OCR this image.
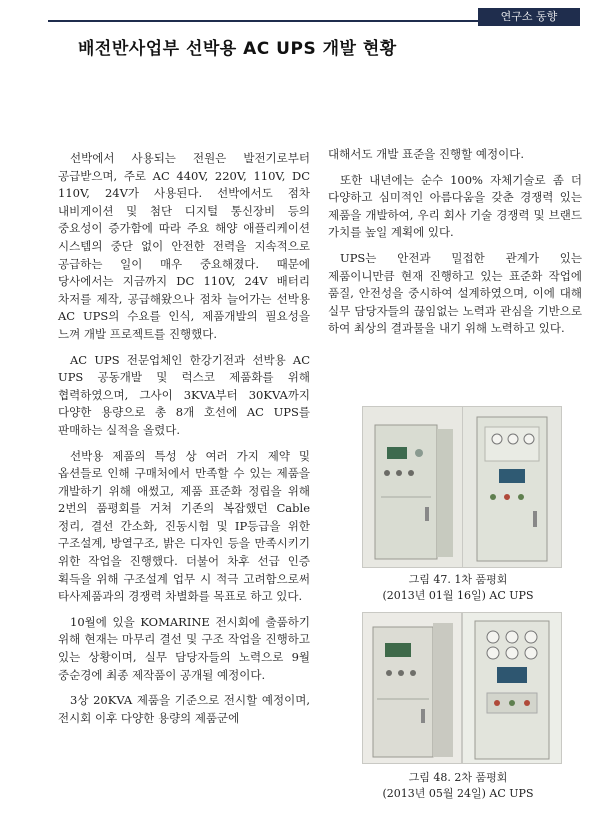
연구소 동향
배전반사업부 선박용 AC UPS 개발 현황

선박에서 사용되는 전원은 발전기로부터 공급받으며, 주로 AC 440V, 220V, 110V, DC 110V, 24V가 사용된다. 선박에서도 점차 내비게이션 및 첨단 디지털 통신장비 등의 중요성이 증가함에 따라 주요 해양 애플리케이션 시스템의 중단 없이 안전한 전력을 지속적으로 공급하는 일이 매우 중요해졌다. 때문에 당사에서는 지금까지 DC 110V, 24V 배터리 차저를 제작, 공급해왔으나 점차 늘어가는 선박용 AC UPS의 수요를 인식, 제품개발의 필요성을 느껴 개발 프로젝트를 진행했다.

AC UPS 전문업체인 한강기전과 선박용 AC UPS 공동개발 및 럭스코 제품화를 위해 협력하였으며, 그사이 3KVA부터 30KVA까지 다양한 용량으로 총 8개 호선에 AC UPS를 판매하는 실적을 올렸다.

선박용 제품의 특성 상 여러 가지 제약 및 옵션들로 인해 구매처에서 만족할 수 있는 제품을 개발하기 위해 애썼고, 제품 표준화 정립을 위해 2번의 품평회를 거쳐 기존의 복잡했던 Cable 정리, 결선 간소화, 진동시험 및 IP등급을 위한 구조설계, 방열구조, 밝은 디자인 등을 만족시키기 위한 작업을 진행했다. 더불어 차후 선급 인증 획득을 위해 구조설계 업무 시 적극 고려함으로써 타사제품과의 경쟁력 차별화를 목표로 하고 있다.

10월에 있을 KOMARINE 전시회에 출품하기 위해 현재는 마무리 결선 및 구조 작업을 진행하고 있는 상황이며, 실무 담당자들의 노력으로 9월 중순경에 최종 제작품이 공개될 예정이다.

3상 20KVA 제품을 기준으로 전시할 예정이며, 전시회 이후 다양한 용량의 제품군에

대해서도 개발 표준을 진행할 예정이다.

또한 내년에는 순수 100% 자체기술로 좀 더 다양하고 심미적인 아름다움을 갖춘 경쟁력 있는 제품을 개발하여, 우리 회사 기술 경쟁력 및 브랜드 가치를 높일 계획에 있다.

UPS는 안전과 밀접한 관계가 있는 제품이니만큼 현재 진행하고 있는 표준화 작업에 품질, 안전성을 중시하여 설계하였으며, 이에 대해 실무 담당자들의 끊임없는 노력과 관심을 기반으로 하여 최상의 결과물을 내기 위해 노력하고 있다.

그림 47. 1차 품평회
(2013년 01월 16일) AC UPS
그림 48. 2차 품평회
(2013년 05월 24일) AC UPS
